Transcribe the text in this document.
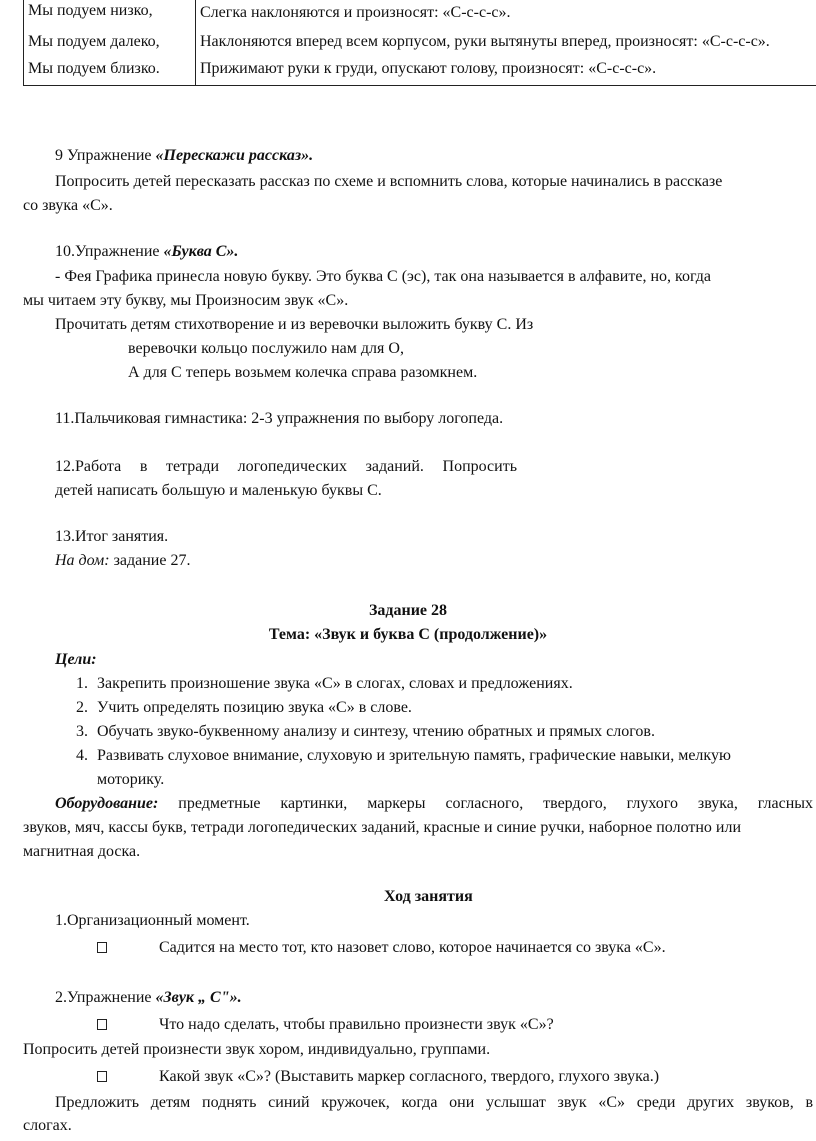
Мы подуем низко,	Слегка наклоняются и произносят: «С-с-с-с».
Мы подуем далеко,	Наклоняются вперед всем корпусом, руки вытянуты вперед, произносят: «С-с-с-с».
Мы подуем близко.	Прижимают руки к груди, опускают голову, произносят: «С-с-с-с».
9 Упражнение «Перескажи рассказ».
Попросить детей пересказать рассказ по схеме и вспомнить слова, которые начинались в рассказе
со звука «С».
10.Упражнение «Буква С».
- Фея Графика принесла новую букву. Это буква С (эс), так она называется в алфавите, но, когда
мы читаем эту букву, мы Произносим звук «С».
Прочитать детям стихотворение и из веревочки выложить букву С. Из
веревочки кольцо послужило нам для О,
А для С теперь возьмем колечка справа разомкнем.
11.Пальчиковая гимнастика: 2-3 упражнения по выбору логопеда.
12.Работа в тетради логопедических заданий. Попросить
детей написать большую и маленькую буквы С.
13.Итог занятия.
На дом: задание 27.
Задание 28
Тема: «Звук и буква С (продолжение)»
Цели:
1. Закрепить произношение звука «С» в слогах, словах и предложениях.
2. Учить определять позицию звука «С» в слове.
3. Обучать звуко-буквенному анализу и синтезу, чтению обратных и прямых слогов.
4. Развивать слуховое внимание, слуховую и зрительную память, графические навыки, мелкую
моторику.
Оборудование: предметные картинки, маркеры согласного, твердого, глухого звука, гласных
звуков, мяч, кассы букв, тетради логопедических заданий, красные и синие ручки, наборное полотно или
магнитная доска.
Ход занятия
1.Организационный момент.
Садится на место тот, кто назовет слово, которое начинается со звука «С».
2.Упражнение «Звук „ С"».
Что надо сделать, чтобы правильно произнести звук «С»?
Попросить детей произнести звук хором, индивидуально, группами.
Какой звук «С»? (Выставить маркер согласного, твердого, глухого звука.)
Предложить детям поднять синий кружочек, когда они услышат звук «С» среди других звуков, в
слогах.
